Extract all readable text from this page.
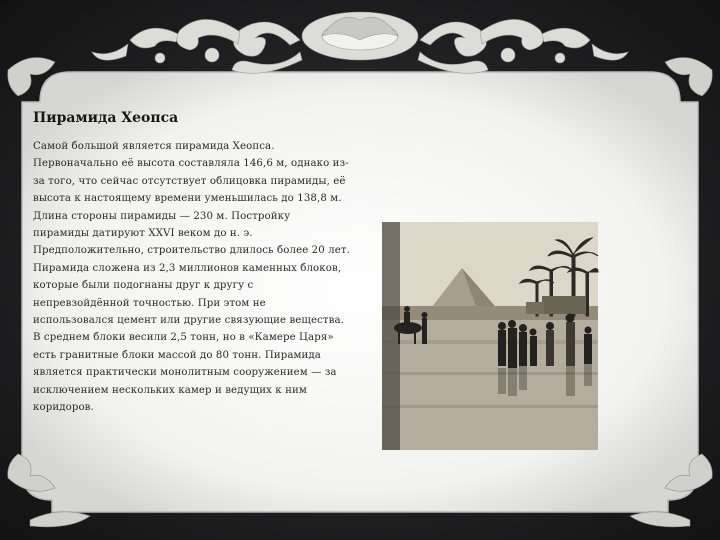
Пирамида Хеопса
Самой большой является пирамида Хеопса.
Первоначально её высота составляла 146,6 м, однако из-
за того, что сейчас отсутствует облицовка пирамиды, её
высота к настоящему времени уменьшилась до 138,8 м.
Длина стороны пирамиды — 230 м. Постройку
пирамиды датируют XXVI веком до н. э.
Предположительно, строительство длилось более 20 лет.
Пирамида сложена из 2,3 миллионов каменных блоков,
которые были подогнаны друг к другу с
непревзойдённой точностью. При этом не
использовался цемент или другие связующие вещества.
В среднем блоки весили 2,5 тонн, но в «Камере Царя»
есть гранитные блоки массой до 80 тонн. Пирамида
является практически монолитным сооружением — за
исключением нескольких камер и ведущих к ним
коридоров.
